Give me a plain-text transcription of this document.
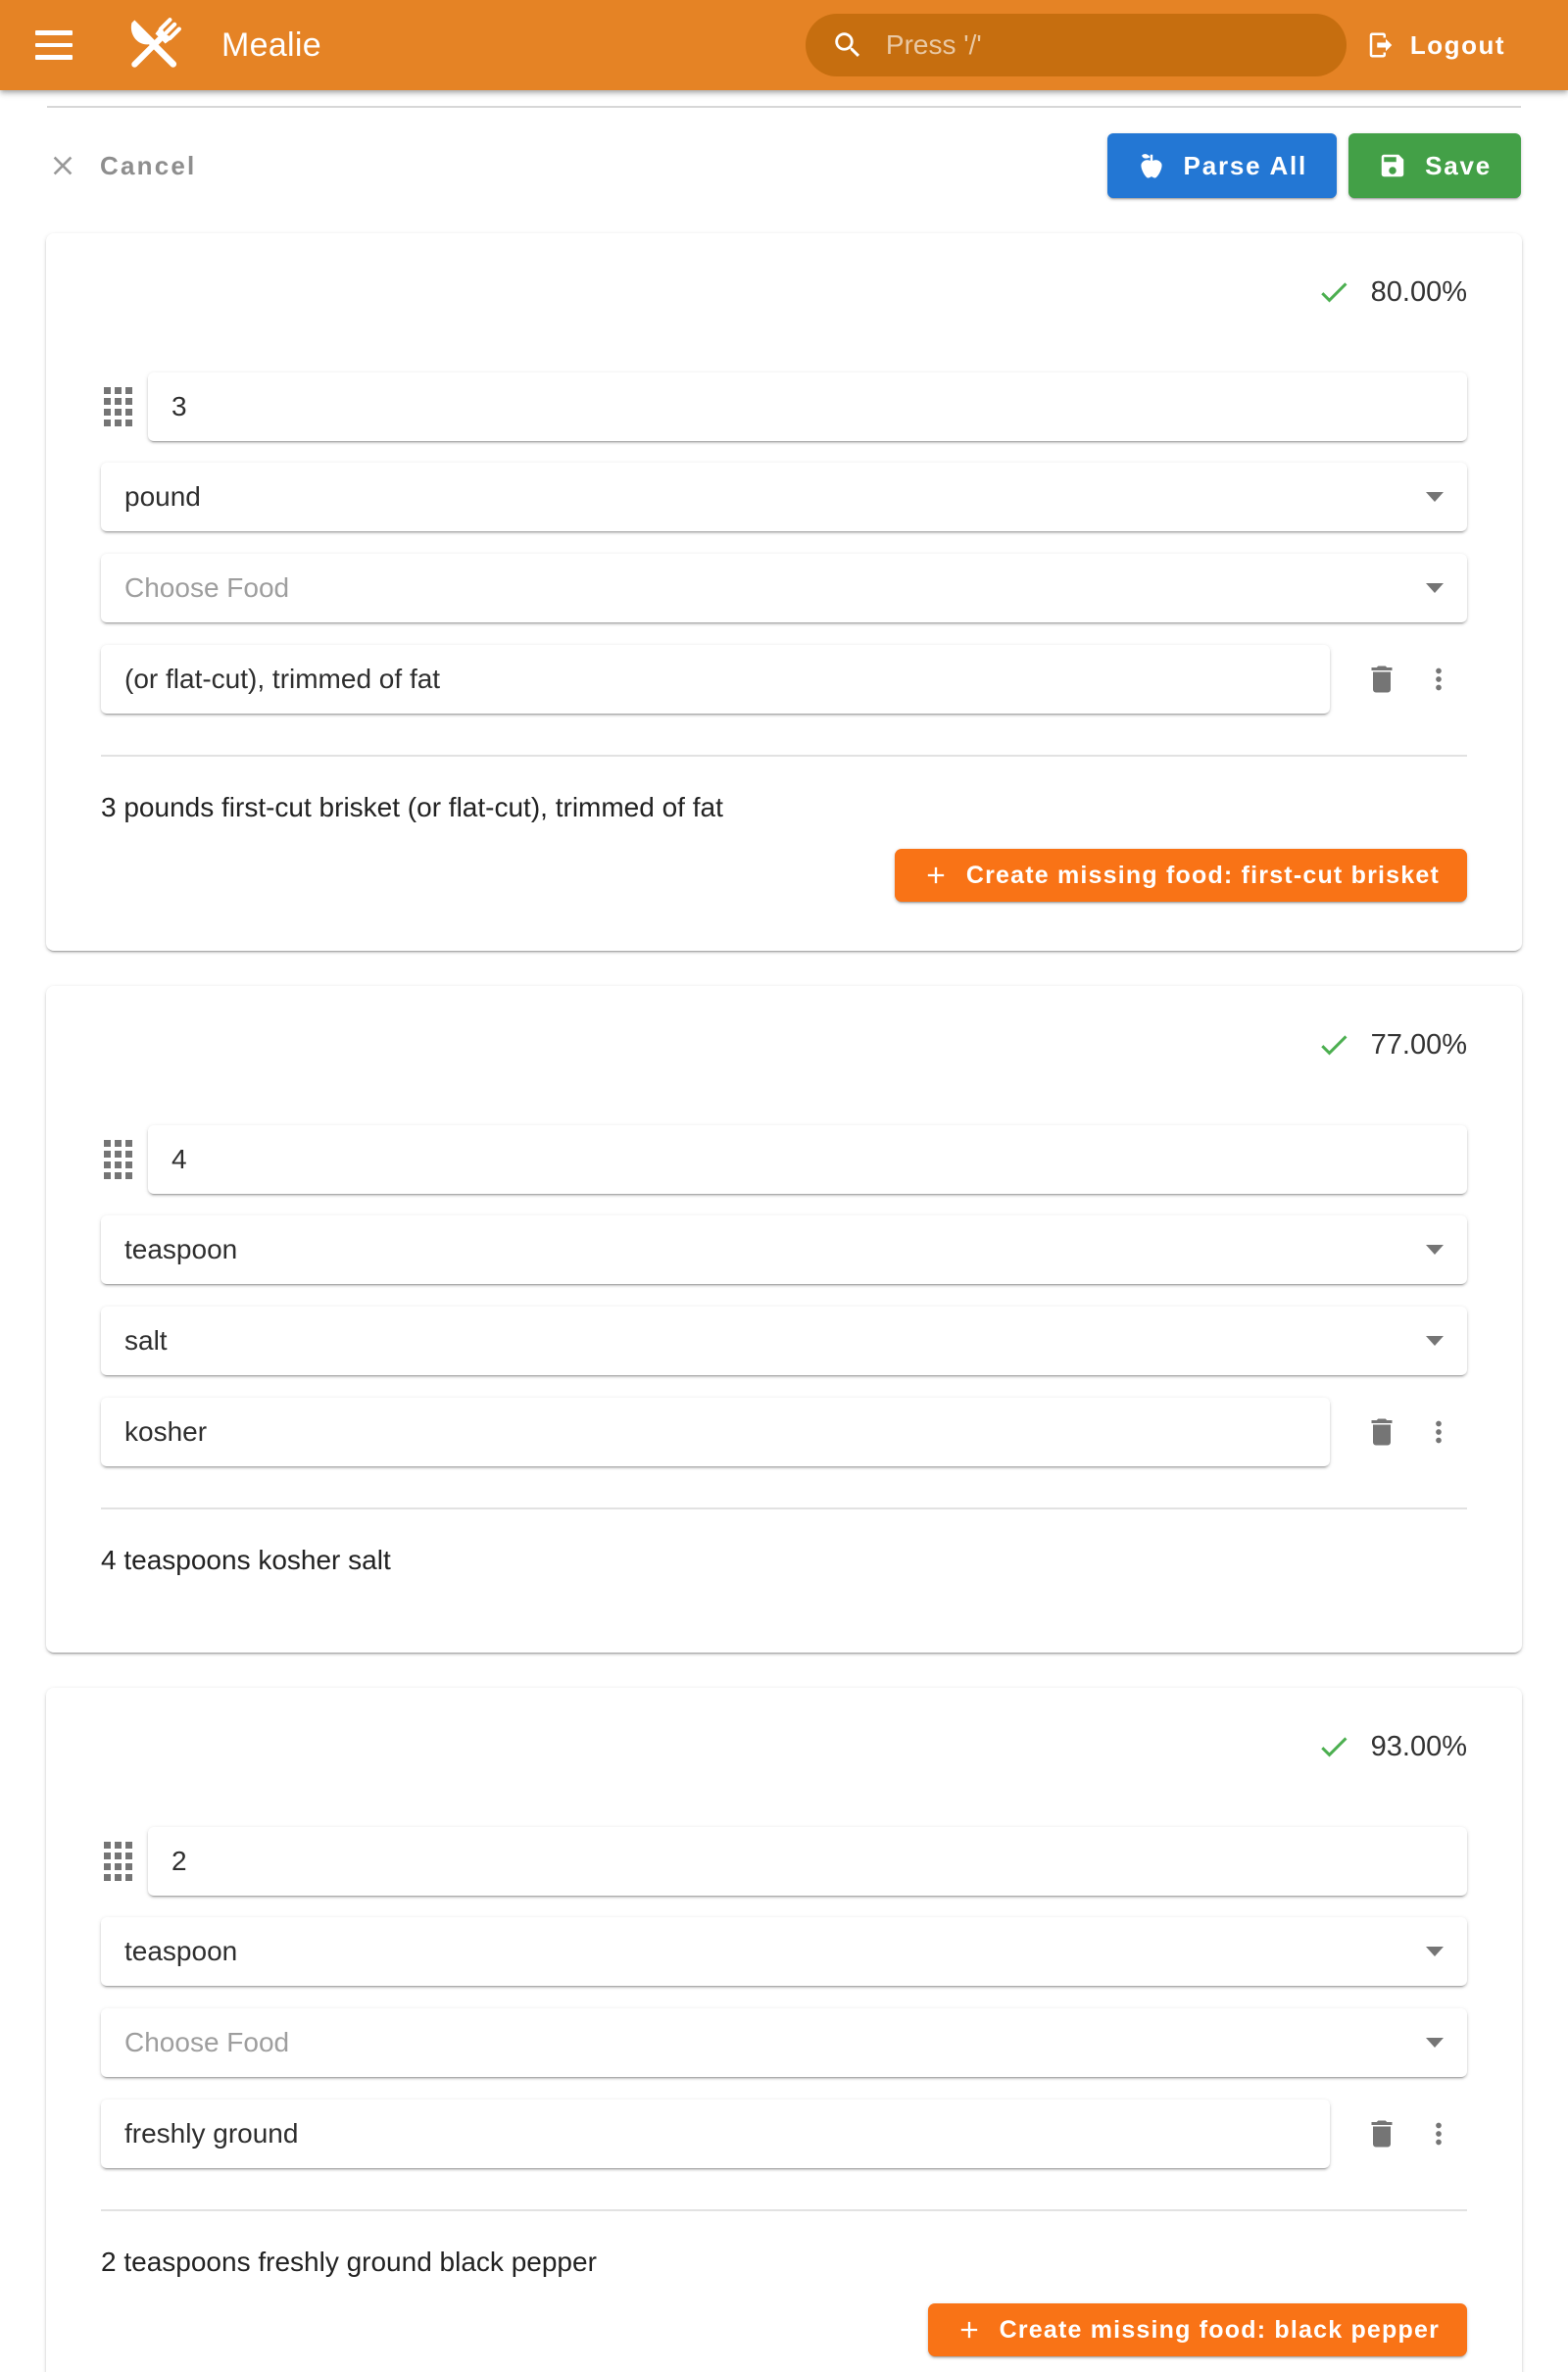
Mealie	Press '/'	Logout
Cancel	Parse All	Save
80.00%
3
pound
Choose Food
(or flat-cut), trimmed of fat
3 pounds first-cut brisket (or flat-cut), trimmed of fat
Create missing food: first-cut brisket
77.00%
4
teaspoon
salt
kosher
4 teaspoons kosher salt
93.00%
2
teaspoon
Choose Food
freshly ground
2 teaspoons freshly ground black pepper
Create missing food: black pepper
